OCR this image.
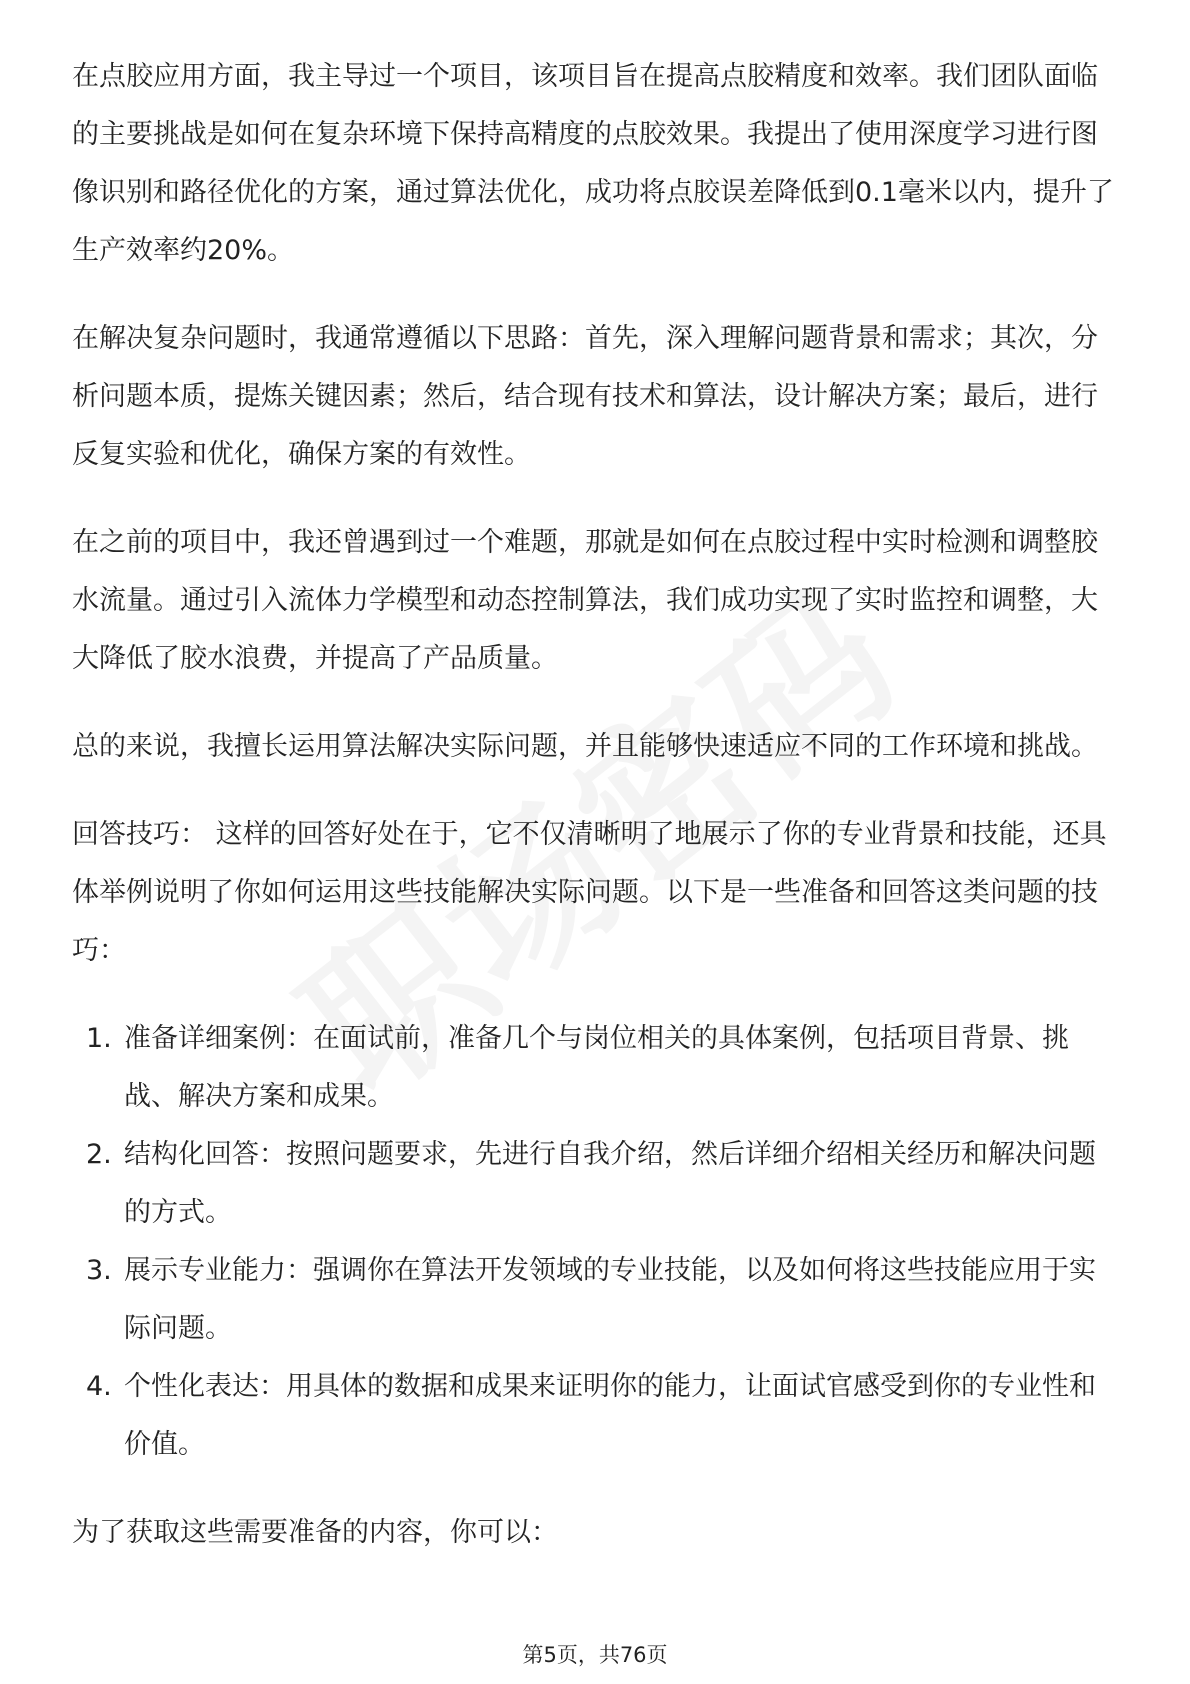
在点胶应用方面，我主导过一个项目，该项目旨在提高点胶精度和效率。我们团队面临的主要挑战是如何在复杂环境下保持高精度的点胶效果。我提出了使用深度学习进行图像识别和路径优化的方案，通过算法优化，成功将点胶误差降低到0.1毫米以内，提升了生产效率约20%。

在解决复杂问题时，我通常遵循以下思路：首先，深入理解问题背景和需求；其次，分析问题本质，提炼关键因素；然后，结合现有技术和算法，设计解决方案；最后，进行反复实验和优化，确保方案的有效性。

在之前的项目中，我还曾遇到过一个难题，那就是如何在点胶过程中实时检测和调整胶水流量。通过引入流体力学模型和动态控制算法，我们成功实现了实时监控和调整，大大降低了胶水浪费，并提高了产品质量。

总的来说，我擅长运用算法解决实际问题，并且能够快速适应不同的工作环境和挑战。

回答技巧： 这样的回答好处在于，它不仅清晰明了地展示了你的专业背景和技能，还具体举例说明了你如何运用这些技能解决实际问题。以下是一些准备和回答这类问题的技巧：

1. 准备详细案例：在面试前，准备几个与岗位相关的具体案例，包括项目背景、挑战、解决方案和成果。
2. 结构化回答：按照问题要求，先进行自我介绍，然后详细介绍相关经历和解决问题的方式。
3. 展示专业能力：强调你在算法开发领域的专业技能，以及如何将这些技能应用于实际问题。
4. 个性化表达：用具体的数据和成果来证明你的能力，让面试官感受到你的专业性和价值。

为了获取这些需要准备的内容，你可以：

第5页，共76页
